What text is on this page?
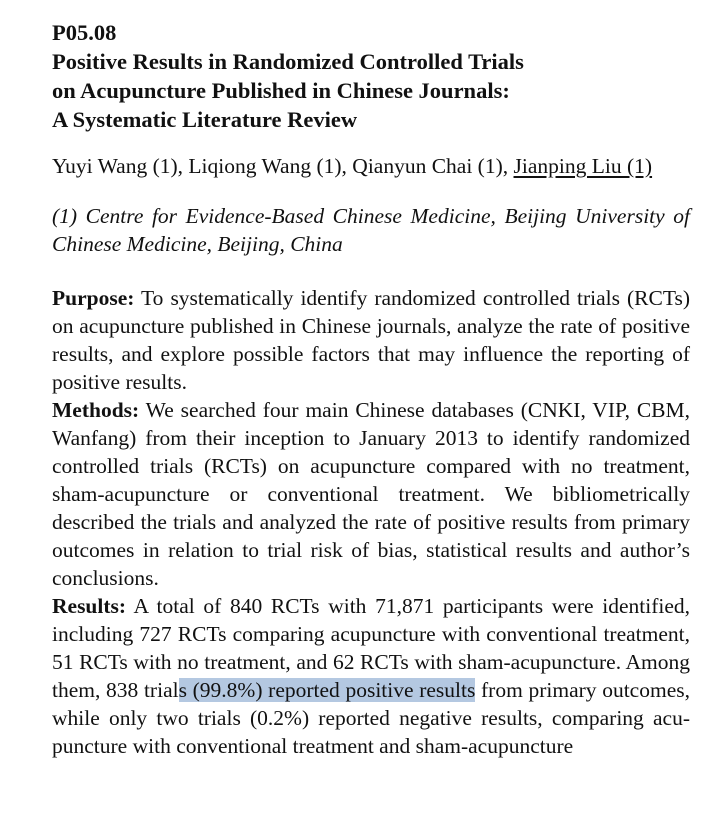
P05.08

Positive Results in Randomized Controlled Trials
on Acupuncture Published in Chinese Journals:
A Systematic Literature Review

Yuyi Wang (1), Liqiong Wang (1), Qianyun Chai (1), Jianping Liu (1)

(1) Centre for Evidence-Based Chinese Medicine, Beijing University of Chinese Medicine, Beijing, China

Purpose: To systematically identify randomized controlled trials (RCTs) on acupuncture published in Chinese journals, analyze the rate of positive results, and explore possible factors that may influence the reporting of positive results.

Methods: We searched four main Chinese databases (CNKI, VIP, CBM, Wanfang) from their inception to January 2013 to identify randomized controlled trials (RCTs) on acupuncture compared with no treatment, sham-acupuncture or conventional treatment. We bibliometrically described the trials and analyzed the rate of positive results from primary outcomes in relation to trial risk of bias, statistical results and author’s conclusions.

Results: A total of 840 RCTs with 71,871 participants were identified, including 727 RCTs comparing acupuncture with conventional treatment, 51 RCTs with no treatment, and 62 RCTs with sham-acupuncture. Among them, 838 trials (99.8%) reported positive results from primary outcomes, while only two trials (0.2%) reported negative results, comparing acupuncture with conventional treatment and sham-acupuncture
